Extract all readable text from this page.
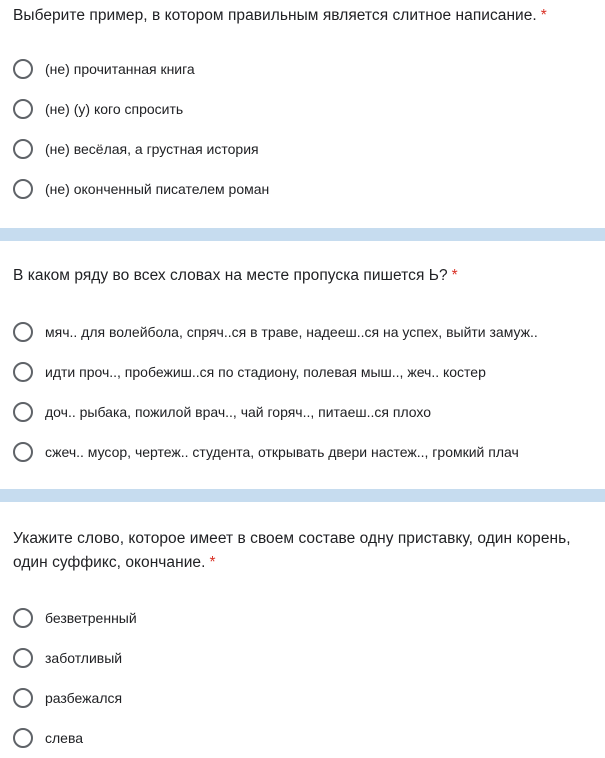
Выберите пример, в котором правильным является слитное написание. *
(не) прочитанная книга
(не) (у) кого спросить
(не) весёлая, а грустная история
(не) оконченный писателем роман
В каком ряду во всех словах на месте пропуска пишется Ь? *
мяч.. для волейбола, спряч..ся в траве, надееш..ся на успех, выйти замуж..
идти проч.., пробежиш..ся по стадиону, полевая мыш.., жеч.. костер
доч.. рыбака, пожилой врач.., чай горяч.., питаеш..ся плохо
сжеч.. мусор, чертеж.. студента, открывать двери настеж.., громкий плач
Укажите слово, которое имеет в своем составе одну приставку, один корень, один суффикс, окончание. *
безветренный
заботливый
разбежался
слева
